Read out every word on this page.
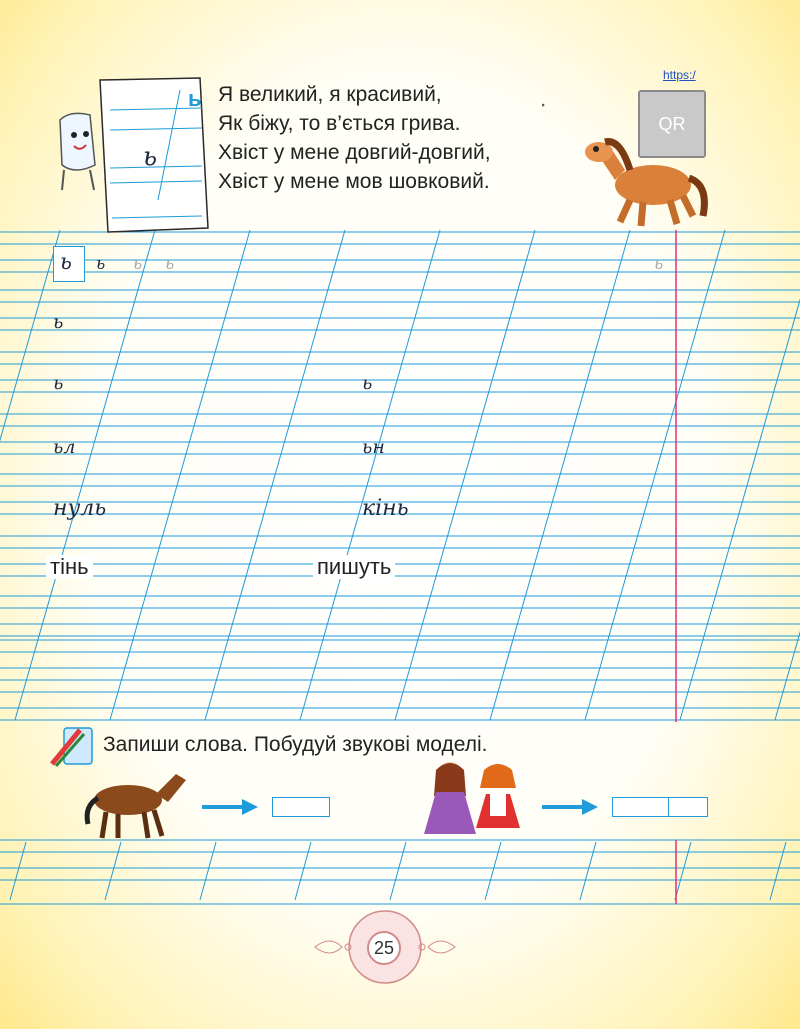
ь
ь
Я великий, я красивий,
Як біжу, то в’ється грива.
Хвіст у мене довгий-довгий,
Хвіст у мене мов шовковий.
https:/
QR
ꞏ
ь ь ь ь	ь
ь
ь	ь
ьл	ьн
нуль	кінь
тінь	пишуть
Запиши слова. Побудуй звукові моделі.
25
